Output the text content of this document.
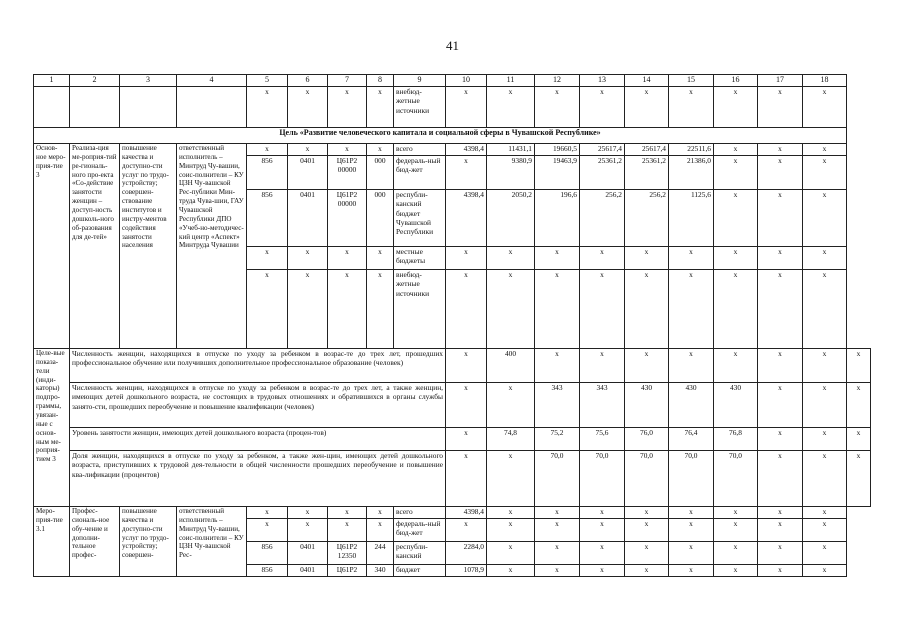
41
1	2	3	4	5	6	7	8	9	10	11	12	13	14	15	16	17	18	
				x	x	x	x	внебюд-жетные источники	x	x	x	x	x	x	x	x	x	
Цель «Развитие человеческого капитала и социальной сферы в Чувашской Республике»																		
Основ-ное меро-прия-тие 3	Реализа-ция ме-роприя-тий ре-гиональ-ного про-екта «Со-действие занятости женщин – доступ-ность дошколь-ного об-разования для де-тей»	повышение качества и доступно-сти услуг по трудо-устройству; совершен-ствование институтов и инстру-ментов содействия занятости населения	ответственный исполнитель – Минтруд Чу-вашии, соис-полнители – КУ ЦЗН Чу-вашской Рес-публики Мин-труда Чува-шии, ГАУ Чувашской Республики ДПО «Учеб-но-методичес-кий центр «Аспект» Минтруда Чувашии	x	x	x	x	всего	4398,4	11431,1	19660,5	25617,4	25617,4	22511,6	x	x	x	
				856	0401	Ц61Р2 00000	000	федераль-ный бюд-жет	x	9380,9	19463,9	25361,2	25361,2	21386,0	x	x	x	
				856	0401	Ц61Р2 00000	000	республи-канский бюджет Чувашской Республики	4398,4	2050,2	196,6	256,2	256,2	1125,6	x	x	x	
				x	x	x	x	местные бюджеты	x	x	x	x	x	x	x	x	x	
				x	x	x	x	внебюд-жетные источники	x	x	x	x	x	x	x	x	x	
Целе-вые показа-тели (инди-каторы) подпро-граммы, увязан-ные с основ-ным ме-роприя-тием 3	Численность женщин, находящихся в отпуске по уходу за ребенком в возрас-те до трех лет, прошедших профессиональное обучение или получивших дополнительное профессиональное образование (человек)								x	400	x	x	x	x	x	x	x	x
	Численность женщин, находящихся в отпуске по уходу за ребенком в возрас-те до трех лет, а также женщин, имеющих детей дошкольного возраста, не состоящих в трудовых отношениях и обратившихся в органы службы занято-сти, прошедших переобучение и повышение квалификации (человек)								x	x	343	343	430	430	430	x	x	x
	Уровень занятости женщин, имеющих детей дошкольного возраста (процен-тов)								x	74,8	75,2	75,6	76,0	76,4	76,8	x	x	x
	Доля женщин, находящихся в отпуске по уходу за ребенком, а также жен-щин, имеющих детей дошкольного возраста, приступивших к трудовой дея-тельности в общей численности прошедших переобучение и повышение ква-лификации (процентов)								x	x	70,0	70,0	70,0	70,0	70,0	x	x	x
Меро-прия-тие 3.1	Профес-сиональ-ное обу-чение и дополни-тельное профес-	повышение качества и доступно-сти услуг по трудо-устройству; совершен-	ответственный исполнитель – Минтруд Чу-вашии, соис-полнители – КУ ЦЗН Чу-вашской Рес-	x	x	x	x	всего	4398,4	x	x	x	x	x	x	x	x	
				x	x	x	x	федераль-ный бюд-жет	x	x	x	x	x	x	x	x	x	
				856	0401	Ц61Р2 12350	244	республи-канский	2284,0	x	x	x	x	x	x	x	x	
				856	0401	Ц61Р2	340	бюджет	1078,9	x	x	x	x	x	x	x	x	
